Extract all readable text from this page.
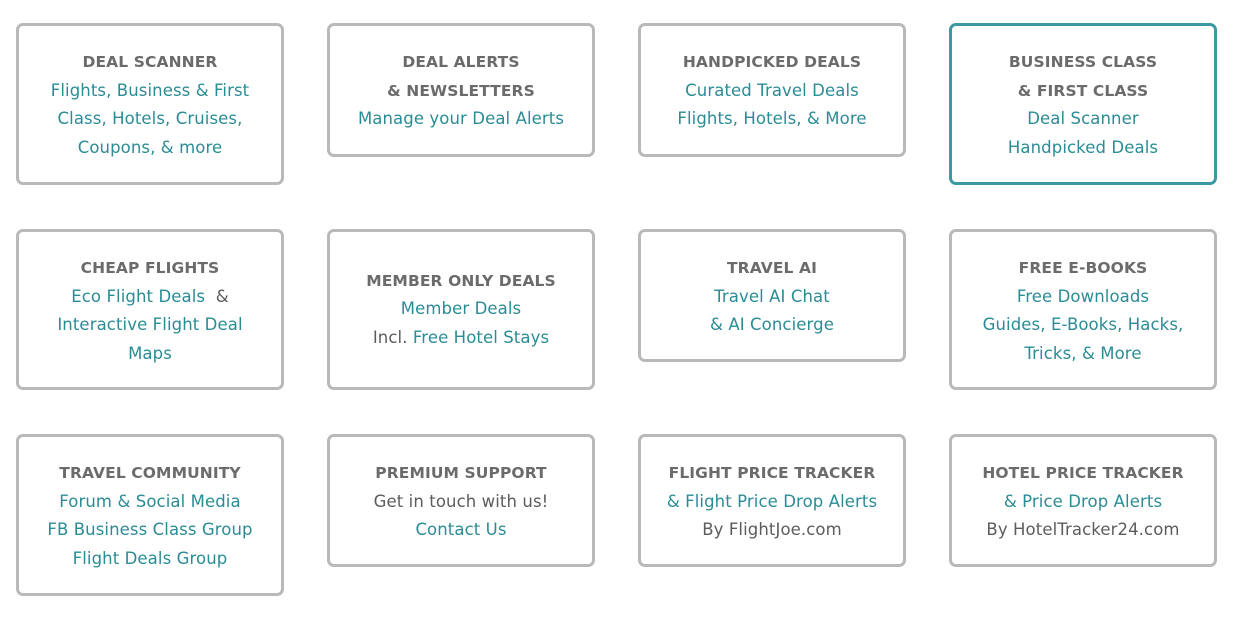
DEAL SCANNER
Flights, Business & First
Class, Hotels, Cruises,
Coupons, & more
DEAL ALERTS
& NEWSLETTERS
Manage your Deal Alerts
HANDPICKED DEALS
Curated Travel Deals
Flights, Hotels, & More
BUSINESS CLASS
& FIRST CLASS
Deal Scanner
Handpicked Deals
CHEAP FLIGHTS
Eco Flight Deals  &
Interactive Flight Deal
Maps
MEMBER ONLY DEALS
Member Deals
Incl. Free Hotel Stays
TRAVEL AI
Travel AI Chat
& AI Concierge
FREE E-BOOKS
Free Downloads
Guides, E-Books, Hacks,
Tricks, & More
TRAVEL COMMUNITY
Forum & Social Media
FB Business Class Group
Flight Deals Group
PREMIUM SUPPORT
Get in touch with us!
Contact Us
FLIGHT PRICE TRACKER
& Flight Price Drop Alerts
By FlightJoe.com
HOTEL PRICE TRACKER
& Price Drop Alerts
By HotelTracker24.com
